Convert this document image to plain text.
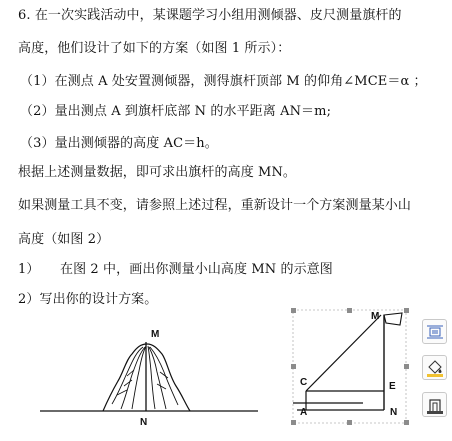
6. 在一次实践活动中，某课题学习小组用测倾器、皮尺测量旗杆的
高度，他们设计了如下的方案（如图 1 所示）：
（1）在测点 A 处安置测倾器，测得旗杆顶部 M 的仰角∠MCE＝α ；
（2）量出测点 A 到旗杆底部 N 的水平距离 AN＝m;
（3）量出测倾器的高度 AC＝h。
根据上述测量数据，即可求出旗杆的高度 MN。
如果测量工具不变，请参照上述过程，重新设计一个方案测量某小山
高度（如图 2）
1） 在图 2 中，画出你测量小山高度 MN 的示意图
2）写出你的设计方案。
M
N
M
C	E
A	N
